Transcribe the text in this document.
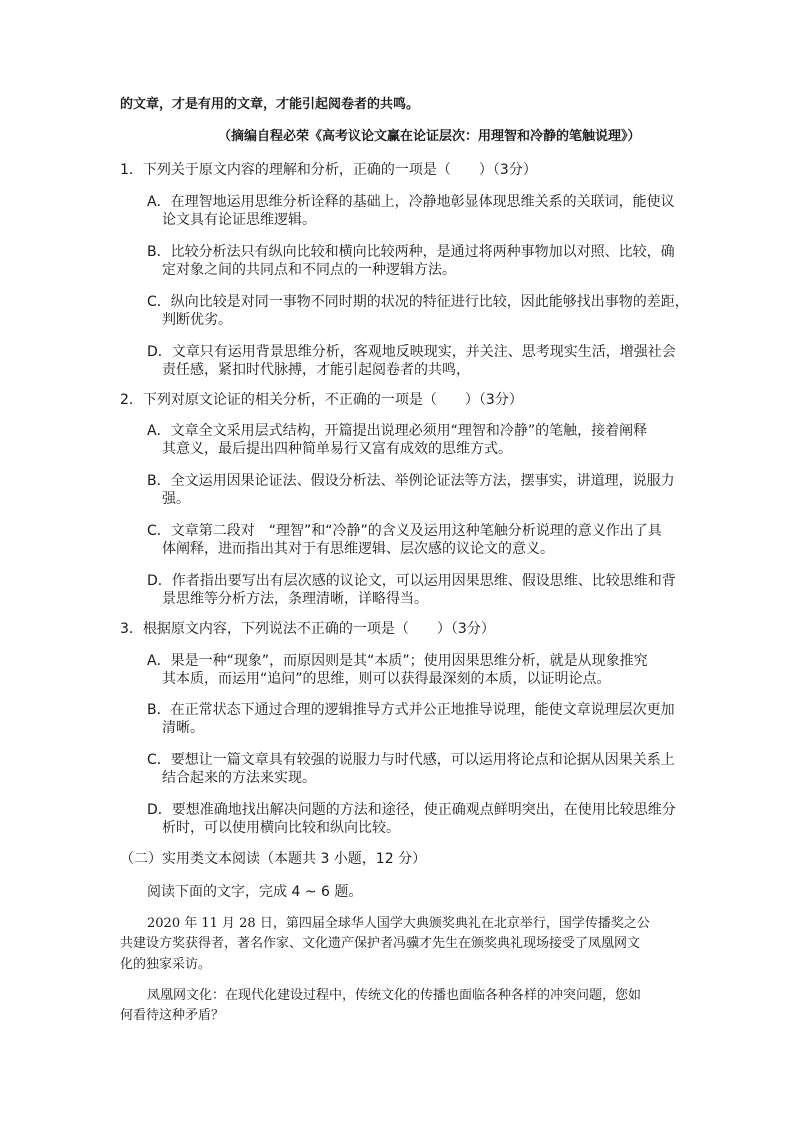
的文章，才是有用的文章，才能引起阅卷者的共鸣。
（摘编自程必荣《高考议论文赢在论证层次：用理智和冷静的笔触说理》）
1．下列关于原文内容的理解和分析，正确的一项是（　　）（3分）
A．在理智地运用思维分析诠释的基础上，冷静地彰显体现思维关系的关联词，能使议
论文具有论证思维逻辑。
B．比较分析法只有纵向比较和横向比较两种，是通过将两种事物加以对照、比较，确
定对象之间的共同点和不同点的一种逻辑方法。
C．纵向比较是对同一事物不同时期的状况的特征进行比较，因此能够找出事物的差距，
判断优劣。
D．文章只有运用背景思维分析，客观地反映现实，并关注、思考现实生活，增强社会
责任感，紧扣时代脉搏，才能引起阅卷者的共鸣，
2．下列对原文论证的相关分析，不正确的一项是（　　）（3分）
A．文章全文采用层式结构，开篇提出说理必须用“理智和冷静”的笔触，接着阐释
其意义，最后提出四种简单易行又富有成效的思维方式。
B．全文运用因果论证法、假设分析法、举例论证法等方法，摆事实，讲道理，说服力
强。
C．文章第二段对　“理智”和“冷静”的含义及运用这种笔触分析说理的意义作出了具
体阐释，进而指出其对于有思维逻辑、层次感的议论文的意义。
D．作者指出要写出有层次感的议论文，可以运用因果思维、假设思维、比较思维和背
景思维等分析方法，条理清晰，详略得当。
3．根据原文内容，下列说法不正确的一项是（　　）（3分）
A．果是一种“现象”，而原因则是其“本质”；使用因果思维分析，就是从现象推究
其本质，而运用“追问”的思维，则可以获得最深刻的本质，以证明论点。
B．在正常状态下通过合理的逻辑推导方式并公正地推导说理，能使文章说理层次更加
清晰。
C．要想让一篇文章具有较强的说服力与时代感，可以运用将论点和论据从因果关系上
结合起来的方法来实现。
D．要想准确地找出解决问题的方法和途径，使正确观点鲜明突出，在使用比较思维分
析时，可以使用横向比较和纵向比较。
（二）实用类文本阅读（本题共 3 小题，12 分）
阅读下面的文字，完成 4 ~ 6 题。
2020 年 11 月 28 日，第四届全球华人国学大典颁奖典礼在北京举行，国学传播奖之公
共建设方奖获得者，著名作家、文化遗产保护者冯骥才先生在颁奖典礼现场接受了凤凰网文
化的独家采访。
凤凰网文化：在现代化建设过程中，传统文化的传播也面临各种各样的冲突问题，您如
何看待这种矛盾？
